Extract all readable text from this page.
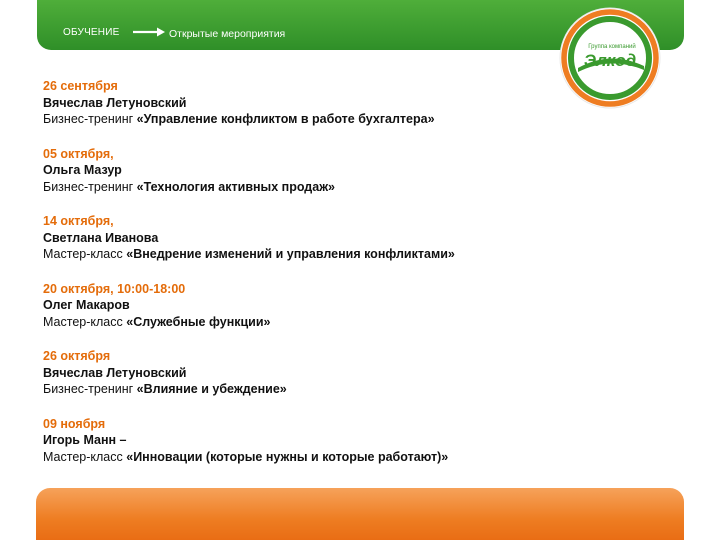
ОБУЧЕНИЕ	Открытые мероприятия
Группа компаний
Элкод
26 сентября
Вячеслав Летуновский
Бизнес-тренинг «Управление конфликтом в работе бухгалтера»
05 октября,
Ольга Мазур
Бизнес-тренинг «Технология активных продаж»
14 октября,
Светлана Иванова
Мастер-класс «Внедрение изменений и управления конфликтами»
20 октября, 10:00-18:00
Олег Макаров
Мастер-класс «Служебные функции»
26 октября
Вячеслав Летуновский
Бизнес-тренинг «Влияние и убеждение»
09 ноября
Игорь Манн –
Мастер-класс «Инновации (которые нужны и которые работают)»
